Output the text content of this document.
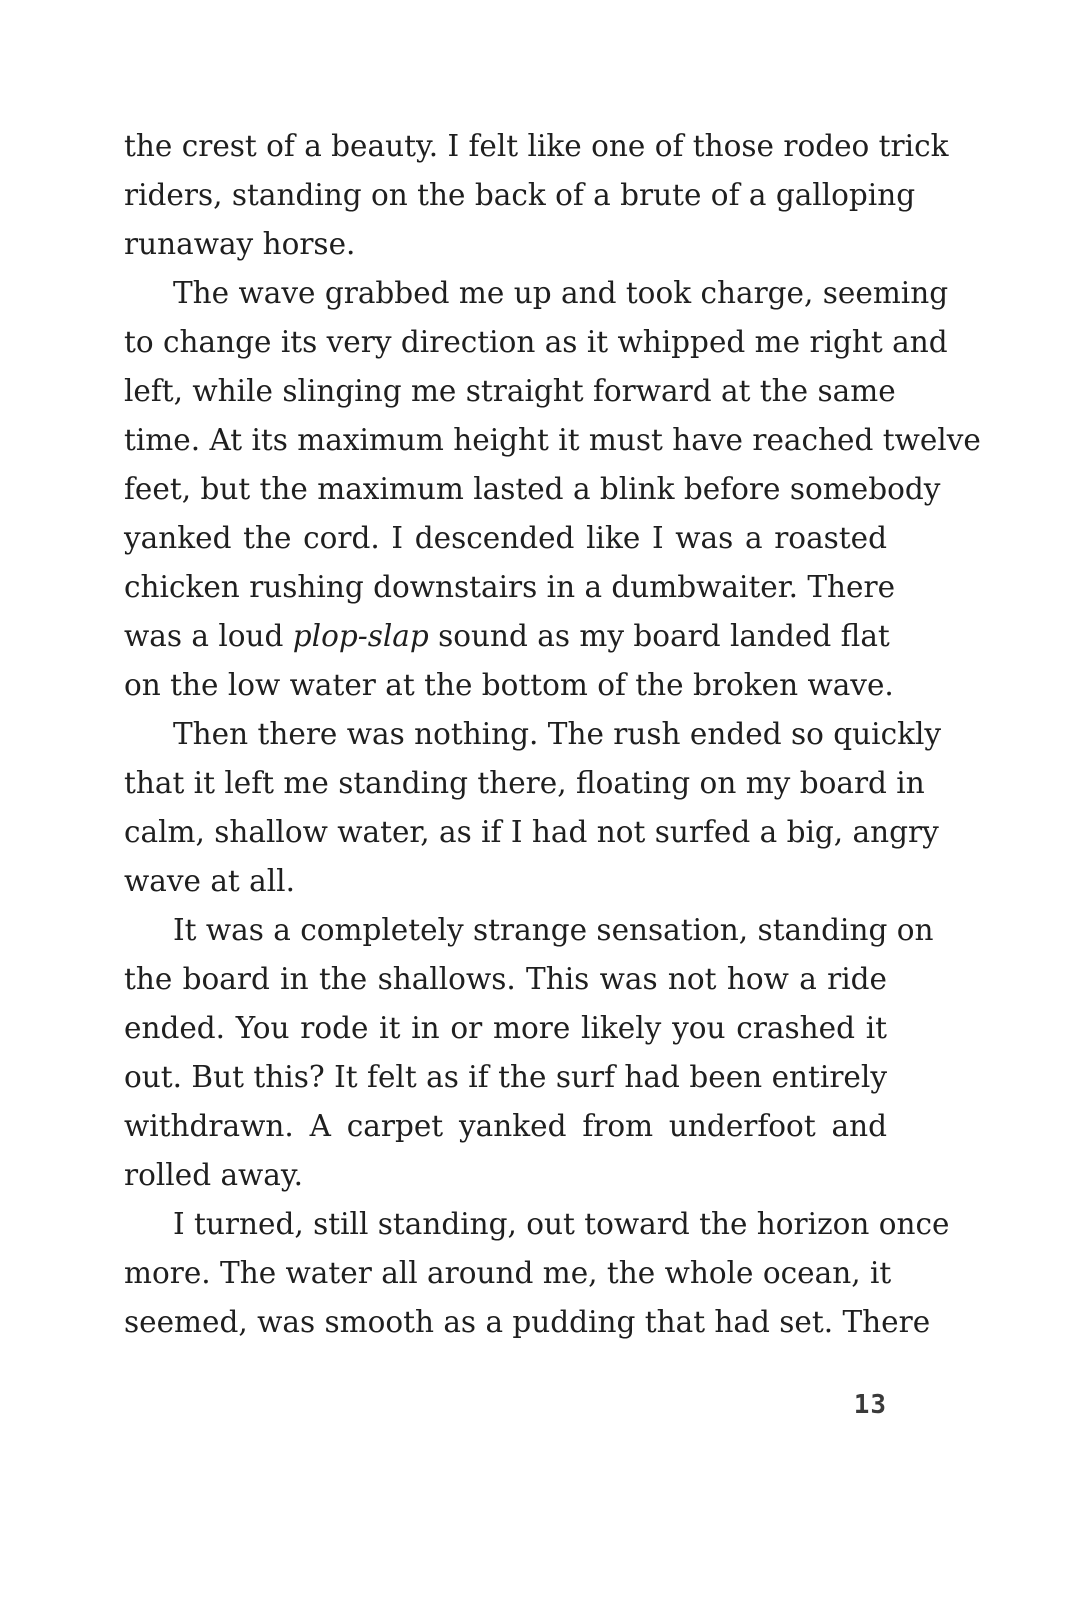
the crest of a beauty. I felt like one of those rodeo trick
riders, standing on the back of a brute of a galloping
runaway horse.
The wave grabbed me up and took charge, seeming
to change its very direction as it whipped me right and
left, while slinging me straight forward at the same
time. At its maximum height it must have reached twelve
feet, but the maximum lasted a blink before somebody
yanked the cord. I descended like I was a roasted
chicken rushing downstairs in a dumbwaiter. There
was a loud plop-slap sound as my board landed flat
on the low water at the bottom of the broken wave.
Then there was nothing. The rush ended so quickly
that it left me standing there, floating on my board in
calm, shallow water, as if I had not surfed a big, angry
wave at all.
It was a completely strange sensation, standing on
the board in the shallows. This was not how a ride
ended. You rode it in or more likely you crashed it
out. But this? It felt as if the surf had been entirely
withdrawn. A carpet yanked from underfoot and
rolled away.
I turned, still standing, out toward the horizon once
more. The water all around me, the whole ocean, it
seemed, was smooth as a pudding that had set. There
13
